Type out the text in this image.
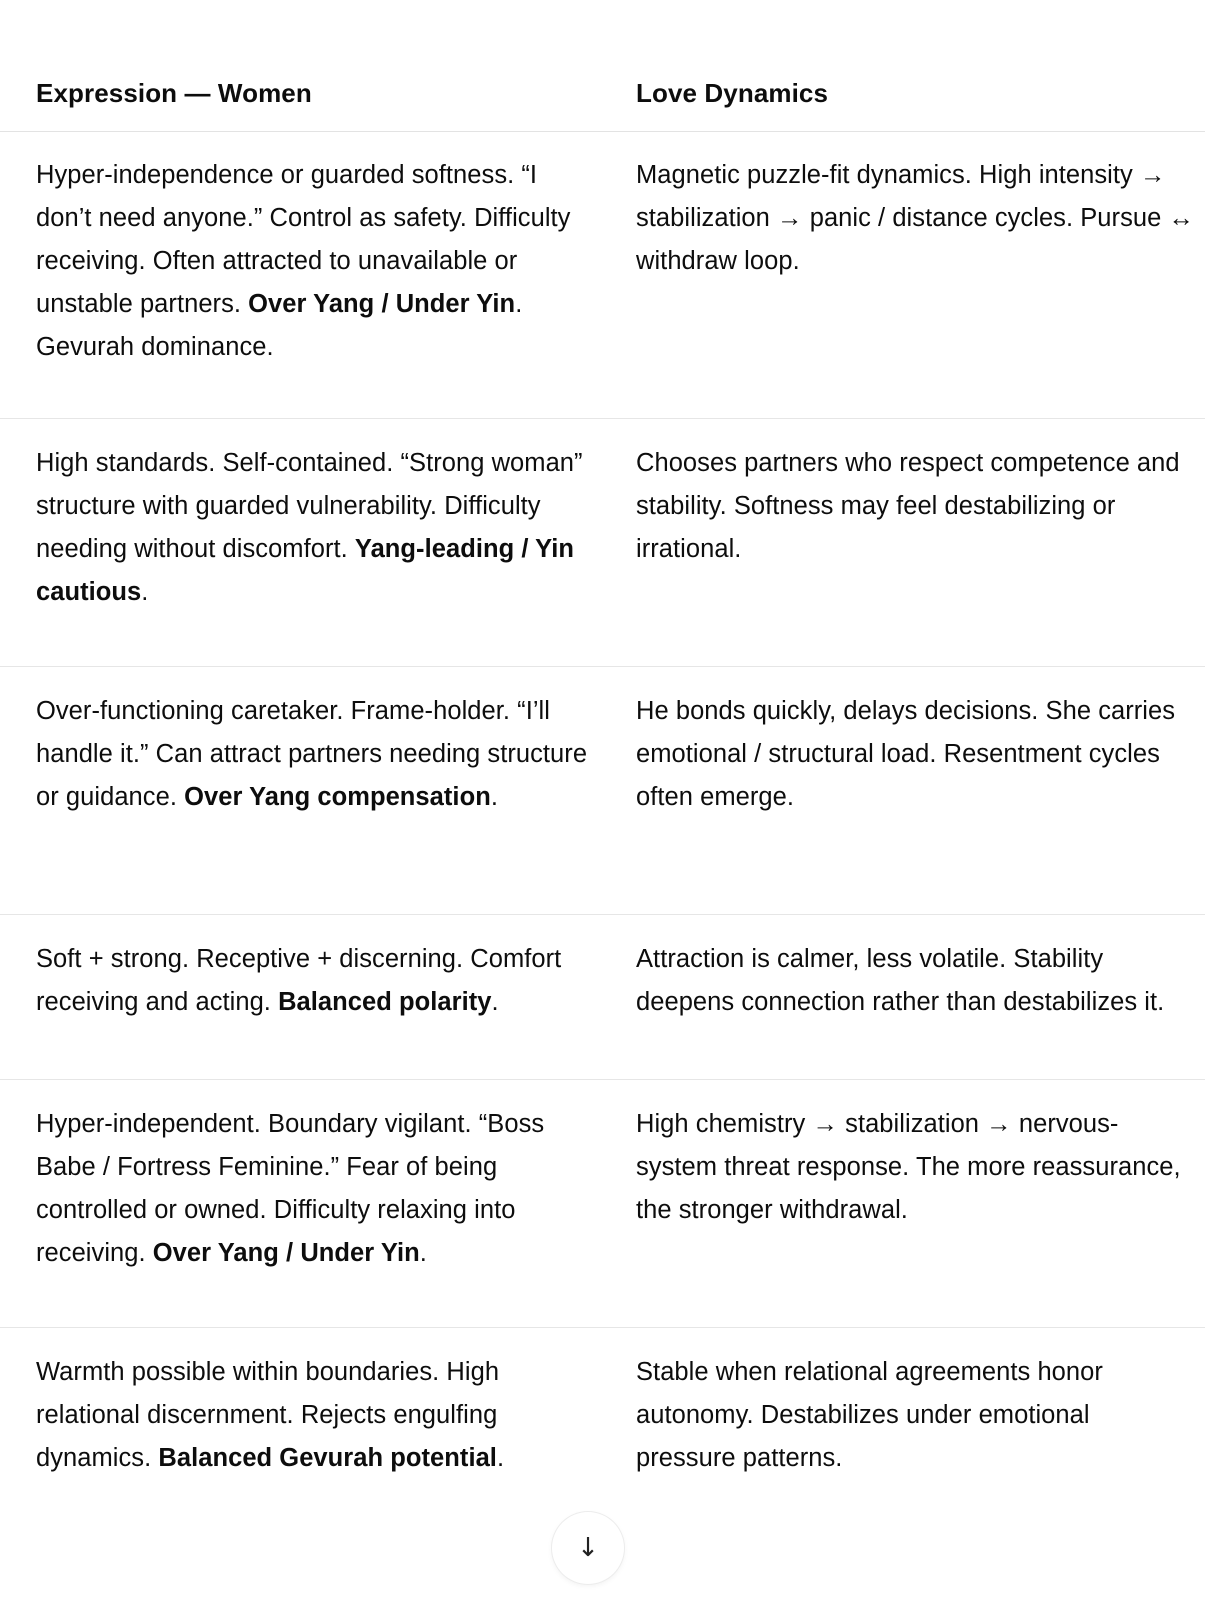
Expression — Women	Love Dynamics
Hyper-independence or guarded softness. “I don’t need anyone.” Control as safety. Difficulty receiving. Often attracted to unavailable or unstable partners. Over Yang / Under Yin. Gevurah dominance.
Magnetic puzzle-fit dynamics. High intensity → stabilization → panic / distance cycles. Pursue ↔ withdraw loop.
High standards. Self-contained. “Strong woman” structure with guarded vulnerability. Difficulty needing without discomfort. Yang-leading / Yin cautious.
Chooses partners who respect competence and stability. Softness may feel destabilizing or irrational.
Over-functioning caretaker. Frame-holder. “I’ll handle it.” Can attract partners needing structure or guidance. Over Yang compensation.
He bonds quickly, delays decisions. She carries emotional / structural load. Resentment cycles often emerge.
Soft + strong. Receptive + discerning. Comfort receiving and acting. Balanced polarity.
Attraction is calmer, less volatile. Stability deepens connection rather than destabilizes it.
Hyper-independent. Boundary vigilant. “Boss Babe / Fortress Feminine.” Fear of being controlled or owned. Difficulty relaxing into receiving. Over Yang / Under Yin.
High chemistry → stabilization → nervous-system threat response. The more reassurance, the stronger withdrawal.
Warmth possible within boundaries. High relational discernment. Rejects engulfing dynamics. Balanced Gevurah potential.
Stable when relational agreements honor autonomy. Destabilizes under emotional pressure patterns.
↓
